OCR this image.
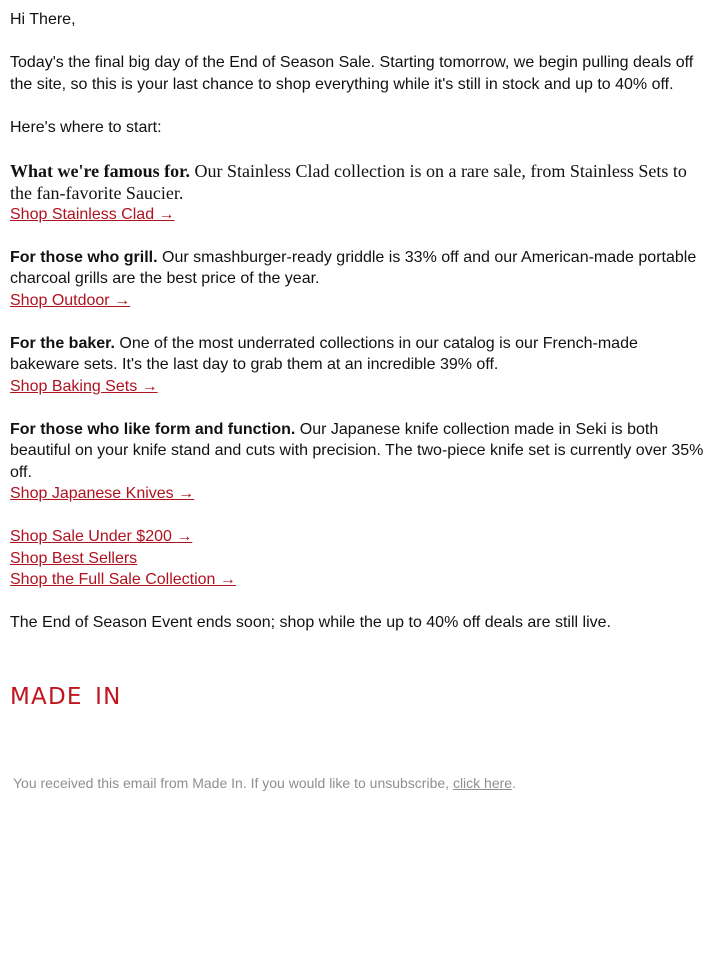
Hi There,

Today's the final big day of the End of Season Sale. Starting tomorrow, we begin pulling deals off the site, so this is your last chance to shop everything while it's still in stock and up to 40% off.

Here's where to start:

What we're famous for. Our Stainless Clad collection is on a rare sale, from Stainless Sets to the fan-favorite Saucier.

Shop Stainless Clad →

For those who grill. Our smashburger-ready griddle is 33% off and our American-made portable charcoal grills are the best price of the year.

Shop Outdoor →

For the baker. One of the most underrated collections in our catalog is our French-made bakeware sets. It's the last day to grab them at an incredible 39% off.

Shop Baking Sets →

For those who like form and function. Our Japanese knife collection made in Seki is both beautiful on your knife stand and cuts with precision. The two-piece knife set is currently over 35% off.

Shop Japanese Knives →
Shop Sale Under $200 →
Shop Best Sellers
Shop the Full Sale Collection →

The End of Season Event ends soon; shop while the up to 40% off deals are still live.

MADE IN
You received this email from Made In. If you would like to unsubscribe, click here.
